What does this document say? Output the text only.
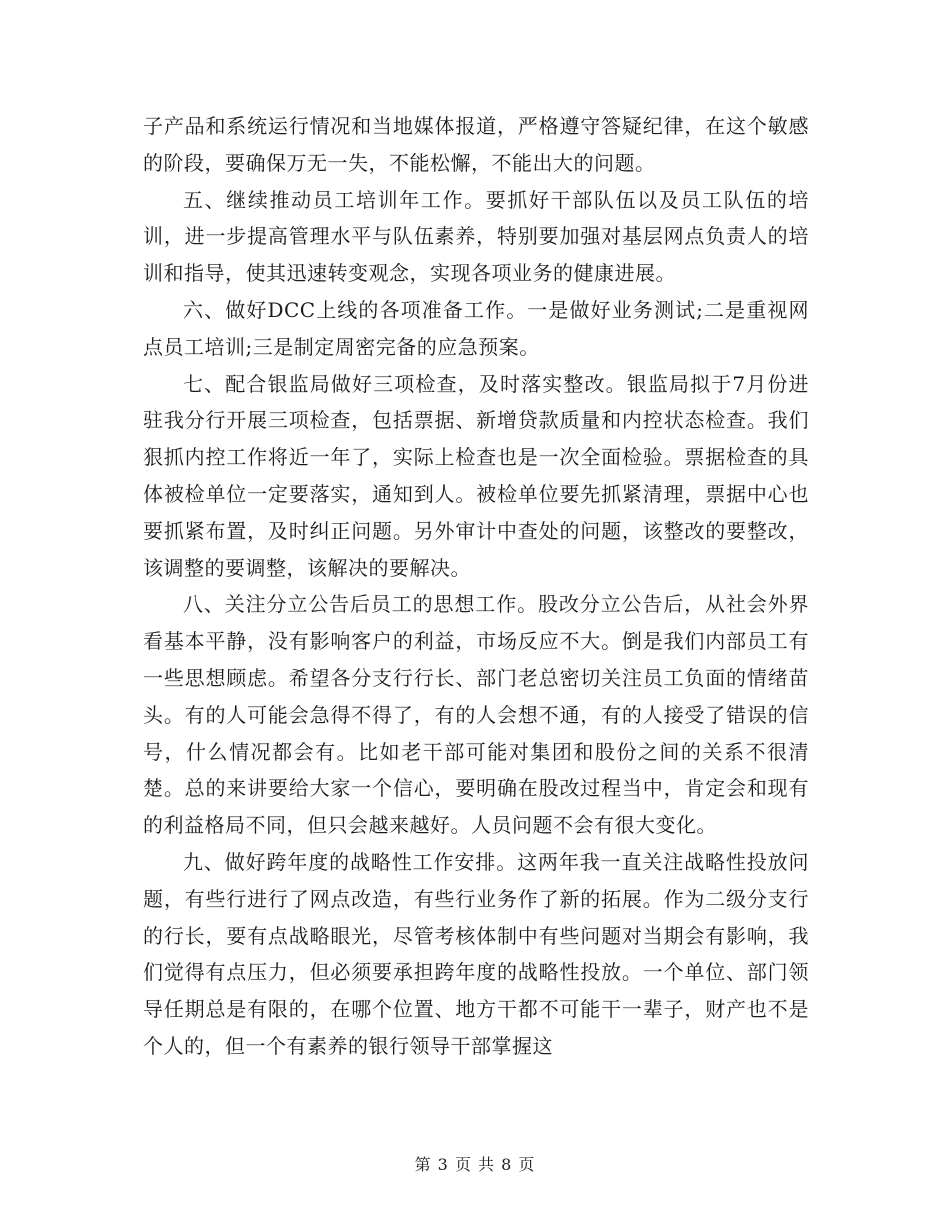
子产品和系统运行情况和当地媒体报道，严格遵守答疑纪律，在这个敏感的阶段，要确保万无一失，不能松懈，不能出大的问题。

五、继续推动员工培训年工作。要抓好干部队伍以及员工队伍的培训，进一步提高管理水平与队伍素养，特别要加强对基层网点负责人的培训和指导，使其迅速转变观念，实现各项业务的健康进展。

六、做好DCC上线的各项准备工作。一是做好业务测试;二是重视网点员工培训;三是制定周密完备的应急预案。

七、配合银监局做好三项检查，及时落实整改。银监局拟于7月份进驻我分行开展三项检查，包括票据、新增贷款质量和内控状态检查。我们狠抓内控工作将近一年了，实际上检查也是一次全面检验。票据检查的具体被检单位一定要落实，通知到人。被检单位要先抓紧清理，票据中心也要抓紧布置，及时纠正问题。另外审计中查处的问题，该整改的要整改，该调整的要调整，该解决的要解决。

八、关注分立公告后员工的思想工作。股改分立公告后，从社会外界看基本平静，没有影响客户的利益，市场反应不大。倒是我们内部员工有一些思想顾虑。希望各分支行行长、部门老总密切关注员工负面的情绪苗头。有的人可能会急得不得了，有的人会想不通，有的人接受了错误的信号，什么情况都会有。比如老干部可能对集团和股份之间的关系不很清楚。总的来讲要给大家一个信心，要明确在股改过程当中，肯定会和现有的利益格局不同，但只会越来越好。人员问题不会有很大变化。

九、做好跨年度的战略性工作安排。这两年我一直关注战略性投放问题，有些行进行了网点改造，有些行业务作了新的拓展。作为二级分支行的行长，要有点战略眼光，尽管考核体制中有些问题对当期会有影响，我们觉得有点压力，但必须要承担跨年度的战略性投放。一个单位、部门领导任期总是有限的，在哪个位置、地方干都不可能干一辈子，财产也不是个人的，但一个有素养的银行领导干部掌握这

第 3 页 共 8 页
